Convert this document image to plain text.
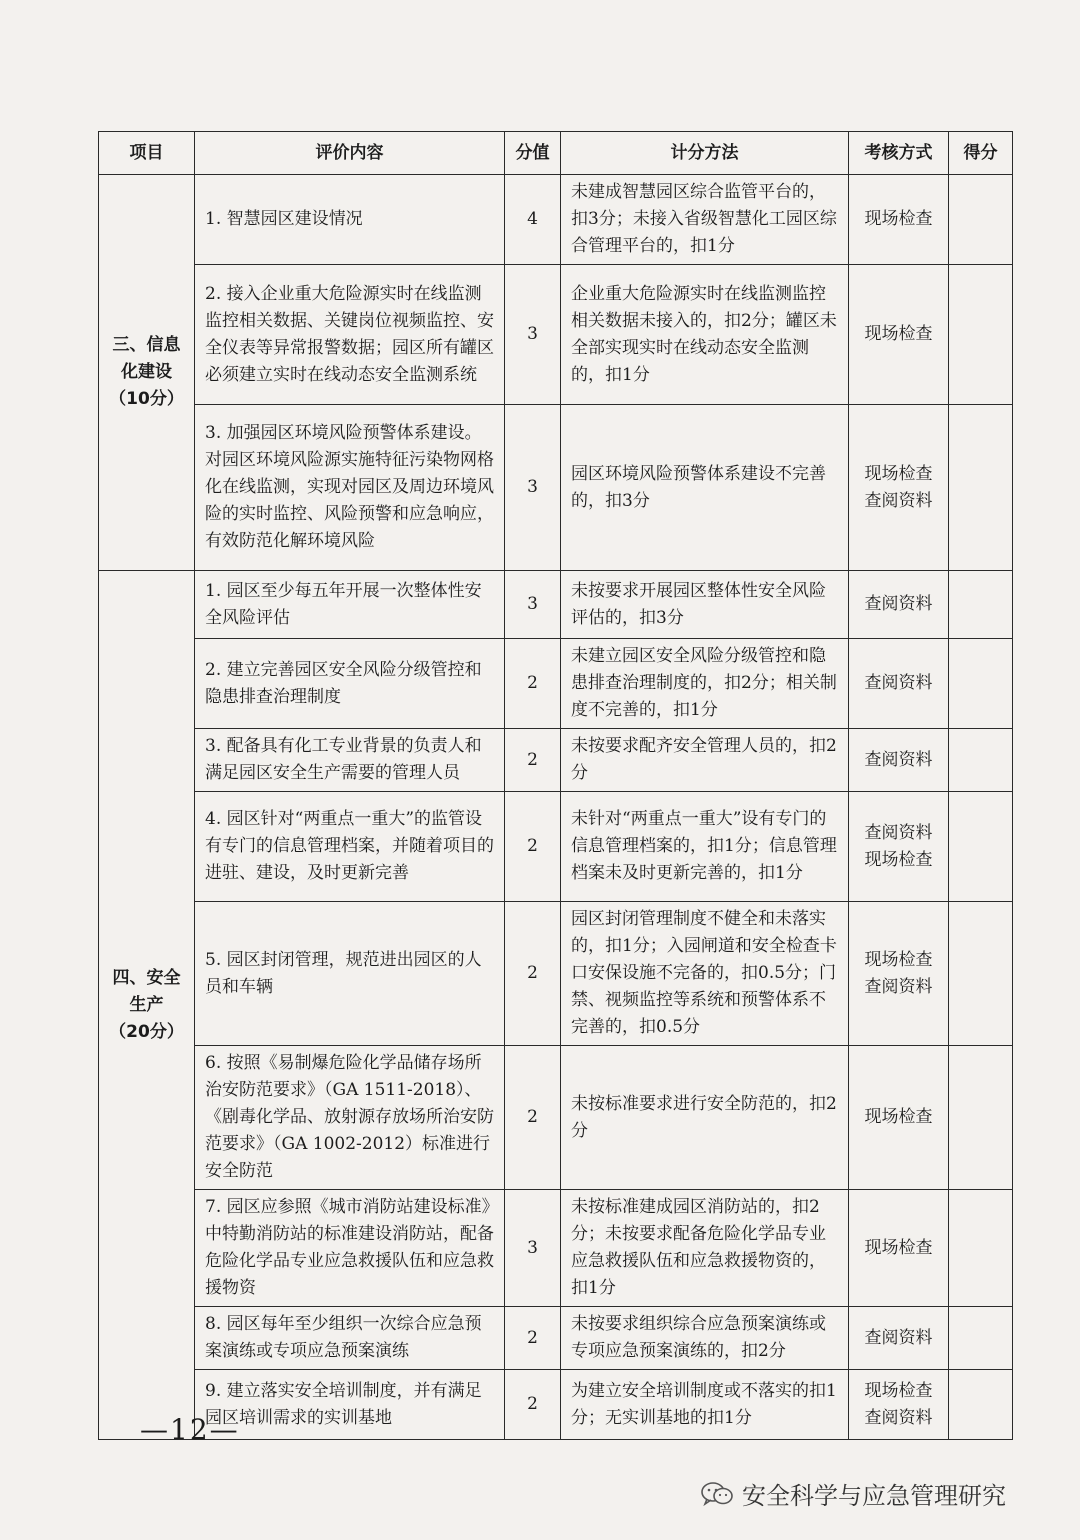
项目	评价内容	分值	计分方法	考核方式	得分

三、信息
化建设
（10分）	1. 智慧园区建设情况	4	未建成智慧园区综合监管平台的，扣3分；未接入省级智慧化工园区综合管理平台的，扣1分	现场检查	

	2. 接入企业重大危险源实时在线监测监控相关数据、关键岗位视频监控、安全仪表等异常报警数据；园区所有罐区必须建立实时在线动态安全监测系统	3	企业重大危险源实时在线监测监控相关数据未接入的，扣2分；罐区未全部实现实时在线动态安全监测的，扣1分	现场检查	

	3. 加强园区环境风险预警体系建设。对园区环境风险源实施特征污染物网格化在线监测，实现对园区及周边环境风险的实时监控、风险预警和应急响应，有效防范化解环境风险	3	园区环境风险预警体系建设不完善的，扣3分	现场检查
查阅资料	

四、安全
生产
（20分）	1. 园区至少每五年开展一次整体性安全风险评估	3	未按要求开展园区整体性安全风险评估的，扣3分	查阅资料	

	2. 建立完善园区安全风险分级管控和隐患排查治理制度	2	未建立园区安全风险分级管控和隐患排查治理制度的，扣2分；相关制度不完善的，扣1分	查阅资料	

	3. 配备具有化工专业背景的负责人和满足园区安全生产需要的管理人员	2	未按要求配齐安全管理人员的，扣2分	查阅资料	

	4. 园区针对“两重点一重大”的监管设有专门的信息管理档案，并随着项目的进驻、建设，及时更新完善	2	未针对“两重点一重大”设有专门的信息管理档案的，扣1分；信息管理档案未及时更新完善的，扣1分	查阅资料
现场检查	

	5. 园区封闭管理，规范进出园区的人员和车辆	2	园区封闭管理制度不健全和未落实的，扣1分；入园闸道和安全检查卡口安保设施不完备的，扣0.5分；门禁、视频监控等系统和预警体系不完善的，扣0.5分	现场检查
查阅资料	

	6. 按照《易制爆危险化学品储存场所治安防范要求》（GA 1511-2018）、《剧毒化学品、放射源存放场所治安防范要求》（GA 1002-2012）标准进行安全防范	2	未按标准要求进行安全防范的，扣2分	现场检查	

	7. 园区应参照《城市消防站建设标准》中特勤消防站的标准建设消防站，配备危险化学品专业应急救援队伍和应急救援物资	3	未按标准建成园区消防站的，扣2分；未按要求配备危险化学品专业应急救援队伍和应急救援物资的，扣1分	现场检查	

	8. 园区每年至少组织一次综合应急预案演练或专项应急预案演练	2	未按要求组织综合应急预案演练或专项应急预案演练的，扣2分	查阅资料	

	9. 建立落实安全培训制度，并有满足园区培训需求的实训基地	2	为建立安全培训制度或不落实的扣1分；无实训基地的扣1分	现场检查
查阅资料	

—12—
安全科学与应急管理研究
